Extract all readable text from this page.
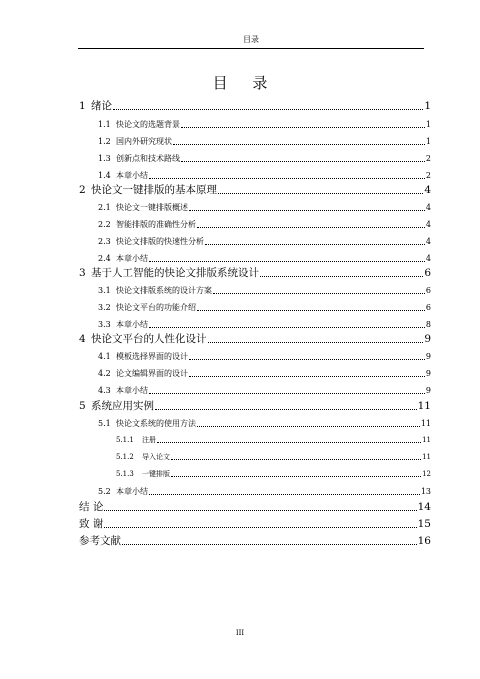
目录
目 录
1 绪论	1
1.1 快论文的选题背景	1
1.2 国内外研究现状	1
1.3 创新点和技术路线	2
1.4 本章小结	2
2 快论文一键排版的基本原理	4
2.1 快论文一键排版概述	4
2.2 智能排版的准确性分析	4
2.3 快论文排版的快速性分析	4
2.4 本章小结	4
3 基于人工智能的快论文排版系统设计	6
3.1 快论文排版系统的设计方案	6
3.2 快论文平台的功能介绍	6
3.3 本章小结	8
4 快论文平台的人性化设计	9
4.1 模板选择界面的设计	9
4.2 论文编辑界面的设计	9
4.3 本章小结	9
5 系统应用实例	11
5.1 快论文系统的使用方法	11
5.1.1	注册	11
5.1.2	导入论文	11
5.1.3	一键排版	12
5.2 本章小结	13
结 论	14
致 谢	15
参考文献	16
III
